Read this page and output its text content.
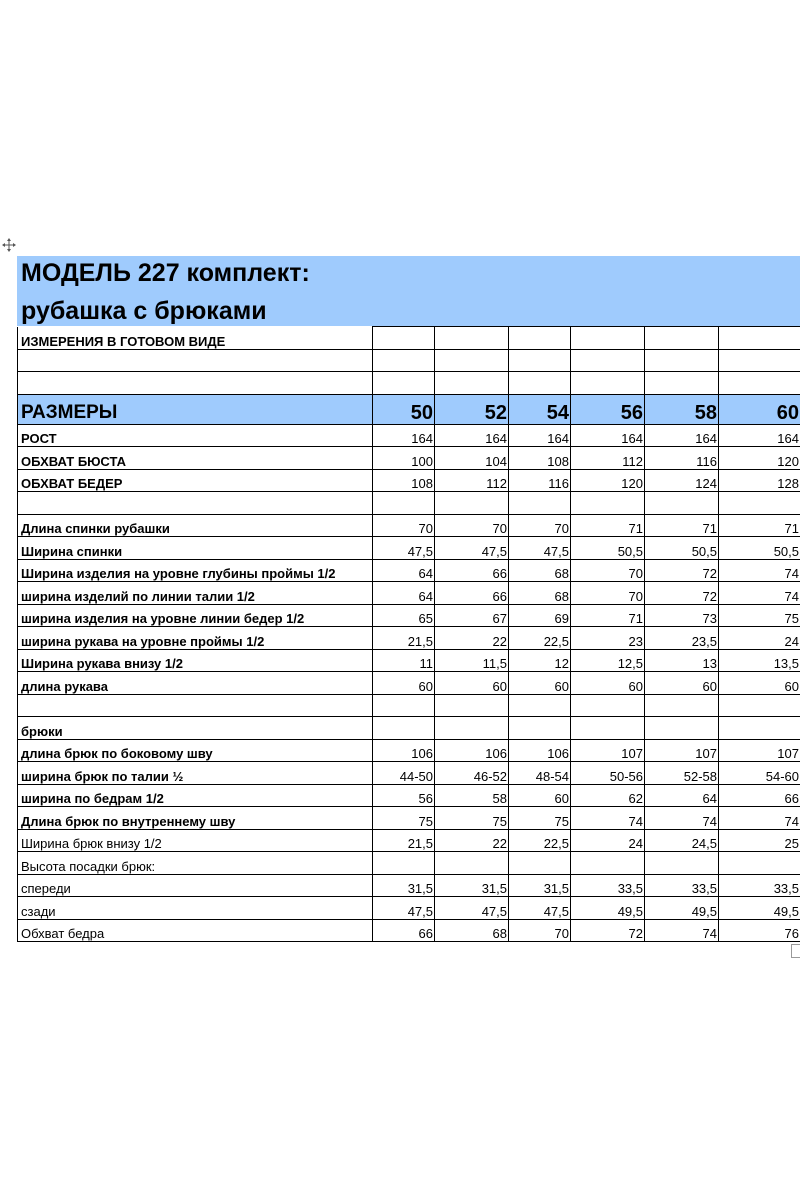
МОДЕЛЬ 227 комплект:
рубашка с брюками
ИЗМЕРЕНИЯ В ГОТОВОМ ВИДЕ						

РАЗМЕРЫ	50	52	54	56	58	60
РОСТ	164	164	164	164	164	164
ОБХВАТ БЮСТА	100	104	108	112	116	120
ОБХВАТ БЕДЕР	108	112	116	120	124	128

Длина спинки рубашки	70	70	70	71	71	71
Ширина спинки	47,5	47,5	47,5	50,5	50,5	50,5
Ширина изделия на уровне глубины проймы 1/2	64	66	68	70	72	74
ширина изделий по линии талии 1/2	64	66	68	70	72	74
ширина изделия на уровне линии бедер 1/2	65	67	69	71	73	75
ширина рукава на уровне проймы 1/2	21,5	22	22,5	23	23,5	24
Ширина рукава внизу 1/2	11	11,5	12	12,5	13	13,5
длина рукава	60	60	60	60	60	60

брюки						
длина брюк по боковому шву	106	106	106	107	107	107
ширина брюк по талии ½	44-50	46-52	48-54	50-56	52-58	54-60
ширина по бедрам 1/2	56	58	60	62	64	66
Длина брюк по внутреннему шву	75	75	75	74	74	74
Ширина брюк внизу 1/2	21,5	22	22,5	24	24,5	25
Высота посадки брюк:						
спереди	31,5	31,5	31,5	33,5	33,5	33,5
сзади	47,5	47,5	47,5	49,5	49,5	49,5
Обхват бедра	66	68	70	72	74	76
